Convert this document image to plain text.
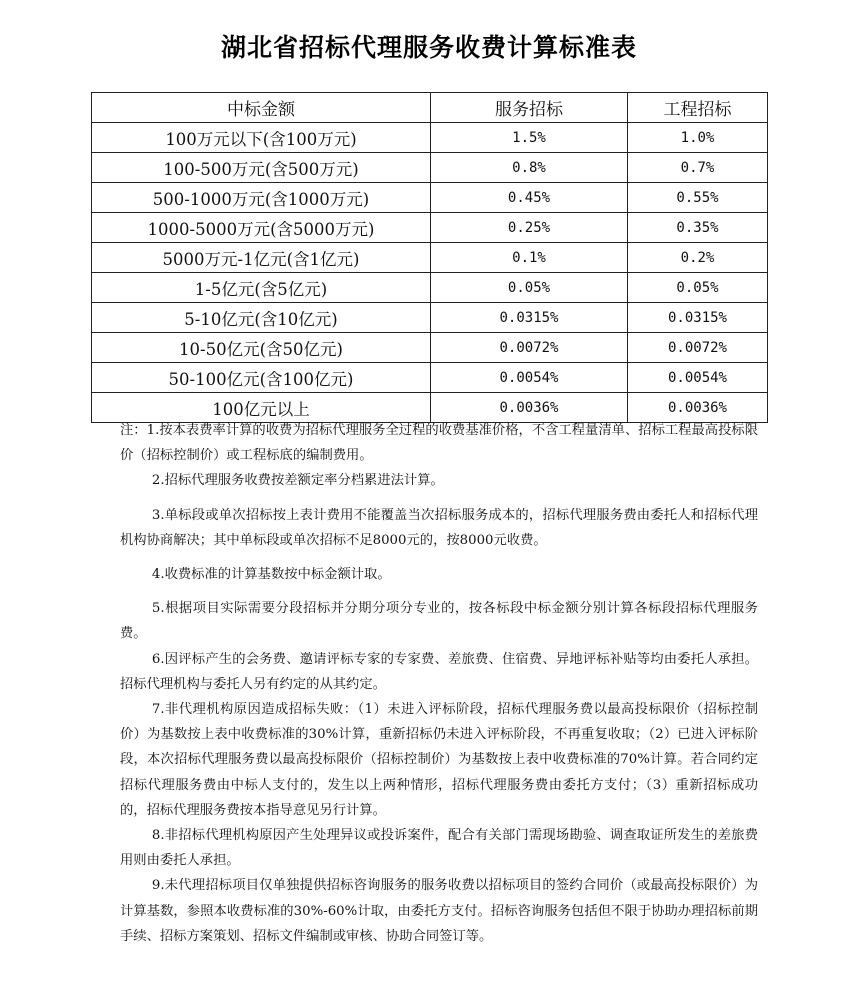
湖北省招标代理服务收费计算标准表
中标金额	服务招标	工程招标
100万元以下(含100万元)	1.5%	1.0%
100-500万元(含500万元)	0.8%	0.7%
500-1000万元(含1000万元)	0.45%	0.55%
1000-5000万元(含5000万元)	0.25%	0.35%
5000万元-1亿元(含1亿元)	0.1%	0.2%
1-5亿元(含5亿元)	0.05%	0.05%
5-10亿元(含10亿元)	0.0315%	0.0315%
10-50亿元(含50亿元)	0.0072%	0.0072%
50-100亿元(含100亿元)	0.0054%	0.0054%
100亿元以上	0.0036%	0.0036%

注：1.按本表费率计算的收费为招标代理服务全过程的收费基准价格，不含工程量清单、招标工程最高投标限价（招标控制价）或工程标底的编制费用。

2.招标代理服务收费按差额定率分档累进法计算。

3.单标段或单次招标按上表计费用不能覆盖当次招标服务成本的，招标代理服务费由委托人和招标代理机构协商解决；其中单标段或单次招标不足8000元的，按8000元收费。

4.收费标准的计算基数按中标金额计取。

5.根据项目实际需要分段招标并分期分项分专业的，按各标段中标金额分别计算各标段招标代理服务费。

6.因评标产生的会务费、邀请评标专家的专家费、差旅费、住宿费、异地评标补贴等均由委托人承担。招标代理机构与委托人另有约定的从其约定。

7.非代理机构原因造成招标失败：（1）未进入评标阶段，招标代理服务费以最高投标限价（招标控制价）为基数按上表中收费标准的30%计算，重新招标仍未进入评标阶段，不再重复收取；（2）已进入评标阶段，本次招标代理服务费以最高投标限价（招标控制价）为基数按上表中收费标准的70%计算。若合同约定招标代理服务费由中标人支付的，发生以上两种情形，招标代理服务费由委托方支付；（3）重新招标成功的，招标代理服务费按本指导意见另行计算。

8.非招标代理机构原因产生处理异议或投诉案件，配合有关部门需现场勘验、调查取证所发生的差旅费用则由委托人承担。

9.未代理招标项目仅单独提供招标咨询服务的服务收费以招标项目的签约合同价（或最高投标限价）为计算基数，参照本收费标准的30%-60%计取，由委托方支付。招标咨询服务包括但不限于协助办理招标前期手续、招标方案策划、招标文件编制或审核、协助合同签订等。
